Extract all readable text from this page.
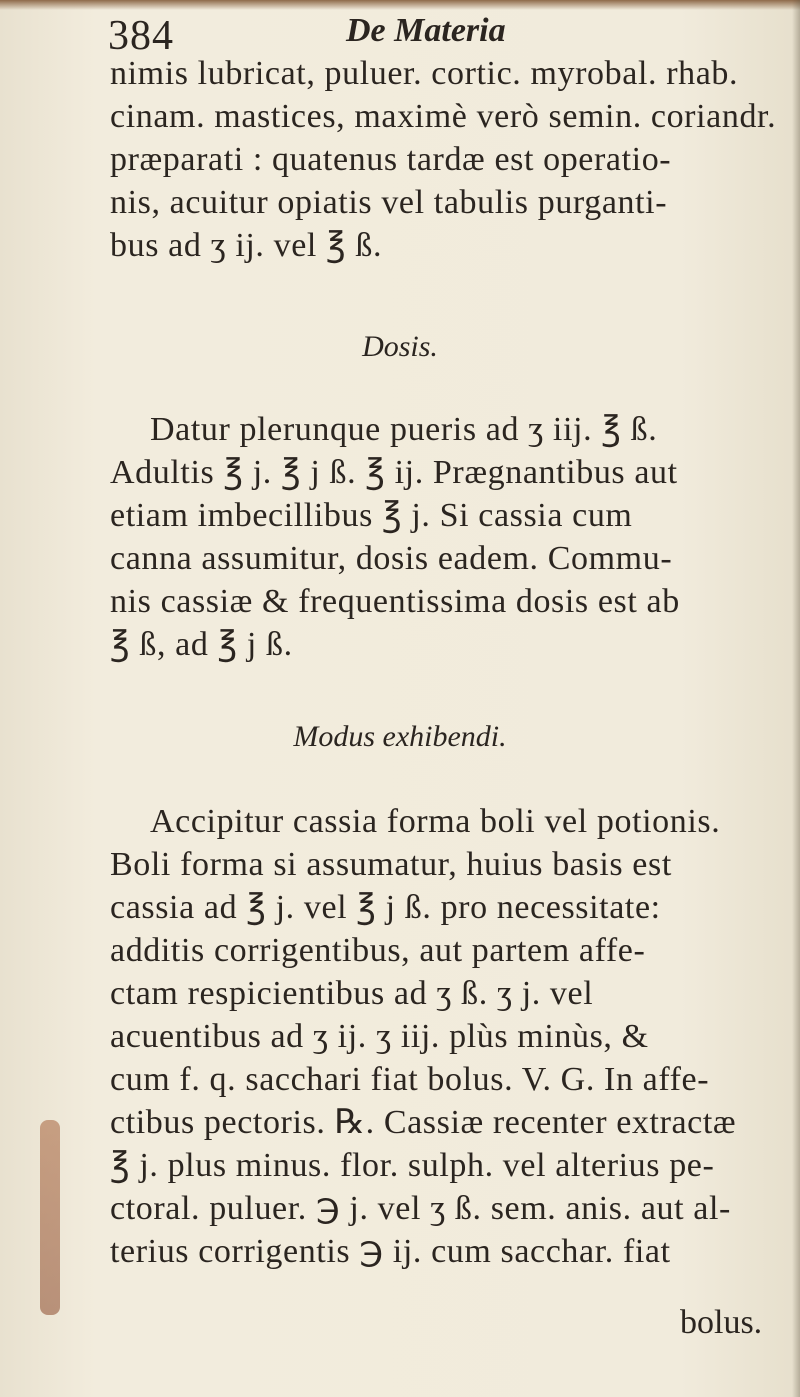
384	De Materia
nimis lubricat, puluer. cortic. myrobal. rhab.
cinam. mastices, maximè verò semin. coriandr.
præparati : quatenus tardæ est operatio-
nis, acuitur opiatis vel tabulis purganti-
bus ad ʒ ij. vel ℥ ß.
Dosis.
Datur plerunque pueris ad ʒ iij. ℥ ß.
Adultis ℥ j. ℥ j ß. ℥ ij. Prægnantibus aut
etiam imbecillibus ℥ j. Si cassia cum
canna assumitur, dosis eadem. Commu-
nis cassiæ & frequentissima dosis est ab
℥ ß, ad ℥ j ß.
Modus exhibendi.
Accipitur cassia forma boli vel potionis.
Boli forma si assumatur, huius basis est
cassia ad ℥ j. vel ℥ j ß. pro necessitate:
additis corrigentibus, aut partem affe-
ctam respicientibus ad ʒ ß. ʒ j. vel
acuentibus ad ʒ ij. ʒ iij. plùs minùs, &
cum f. q. sacchari fiat bolus. V. G. In affe-
ctibus pectoris. ℞. Cassiæ recenter extractæ
℥ j. plus minus. flor. sulph. vel alterius pe-
ctoral. puluer. ℈ j. vel ʒ ß. sem. anis. aut al-
terius corrigentis ℈ ij. cum sacchar. fiat
bolus.
